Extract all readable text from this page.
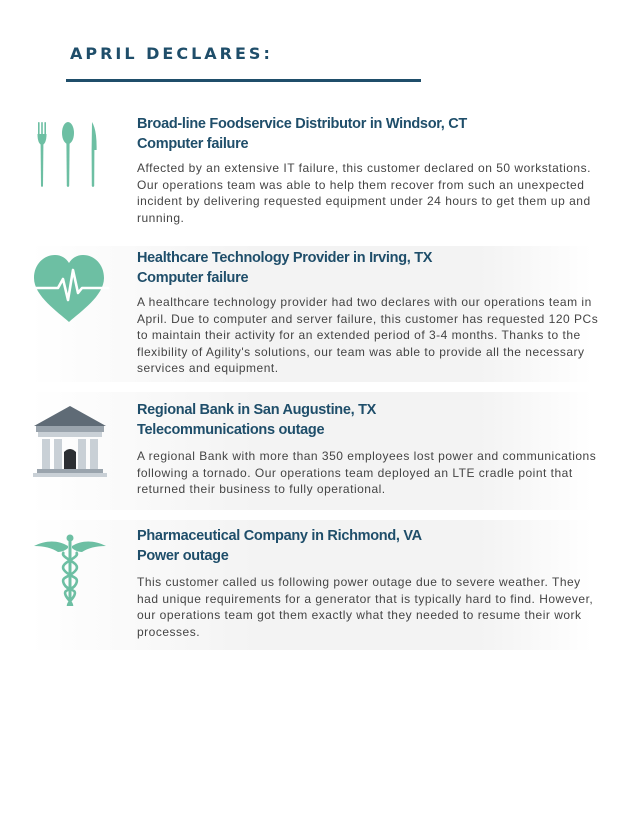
APRIL DECLARES:
Broad-line Foodservice Distributor in Windsor, CT
Computer failure
Affected by an extensive IT failure, this customer declared on 50 workstations. Our operations team was able to help them recover from such an unexpected incident by delivering requested equipment under 24 hours to get them up and running.
Healthcare Technology Provider in Irving, TX
Computer failure
A healthcare technology provider had two declares with our operations team in April. Due to computer and server failure, this customer has requested 120 PCs to maintain their activity for an extended period of 3-4 months. Thanks to the flexibility of Agility's solutions, our team was able to provide all the necessary services and equipment.
Regional Bank in San Augustine, TX
Telecommunications outage
A regional Bank with more than 350 employees lost power and communications following a tornado. Our operations team deployed an LTE cradle point that returned their business to fully operational.
Pharmaceutical Company in Richmond, VA
Power outage
This customer called us following power outage due to severe weather. They had unique requirements for a generator that is typically hard to find. However, our operations team got them exactly what they needed to resume their work processes.
